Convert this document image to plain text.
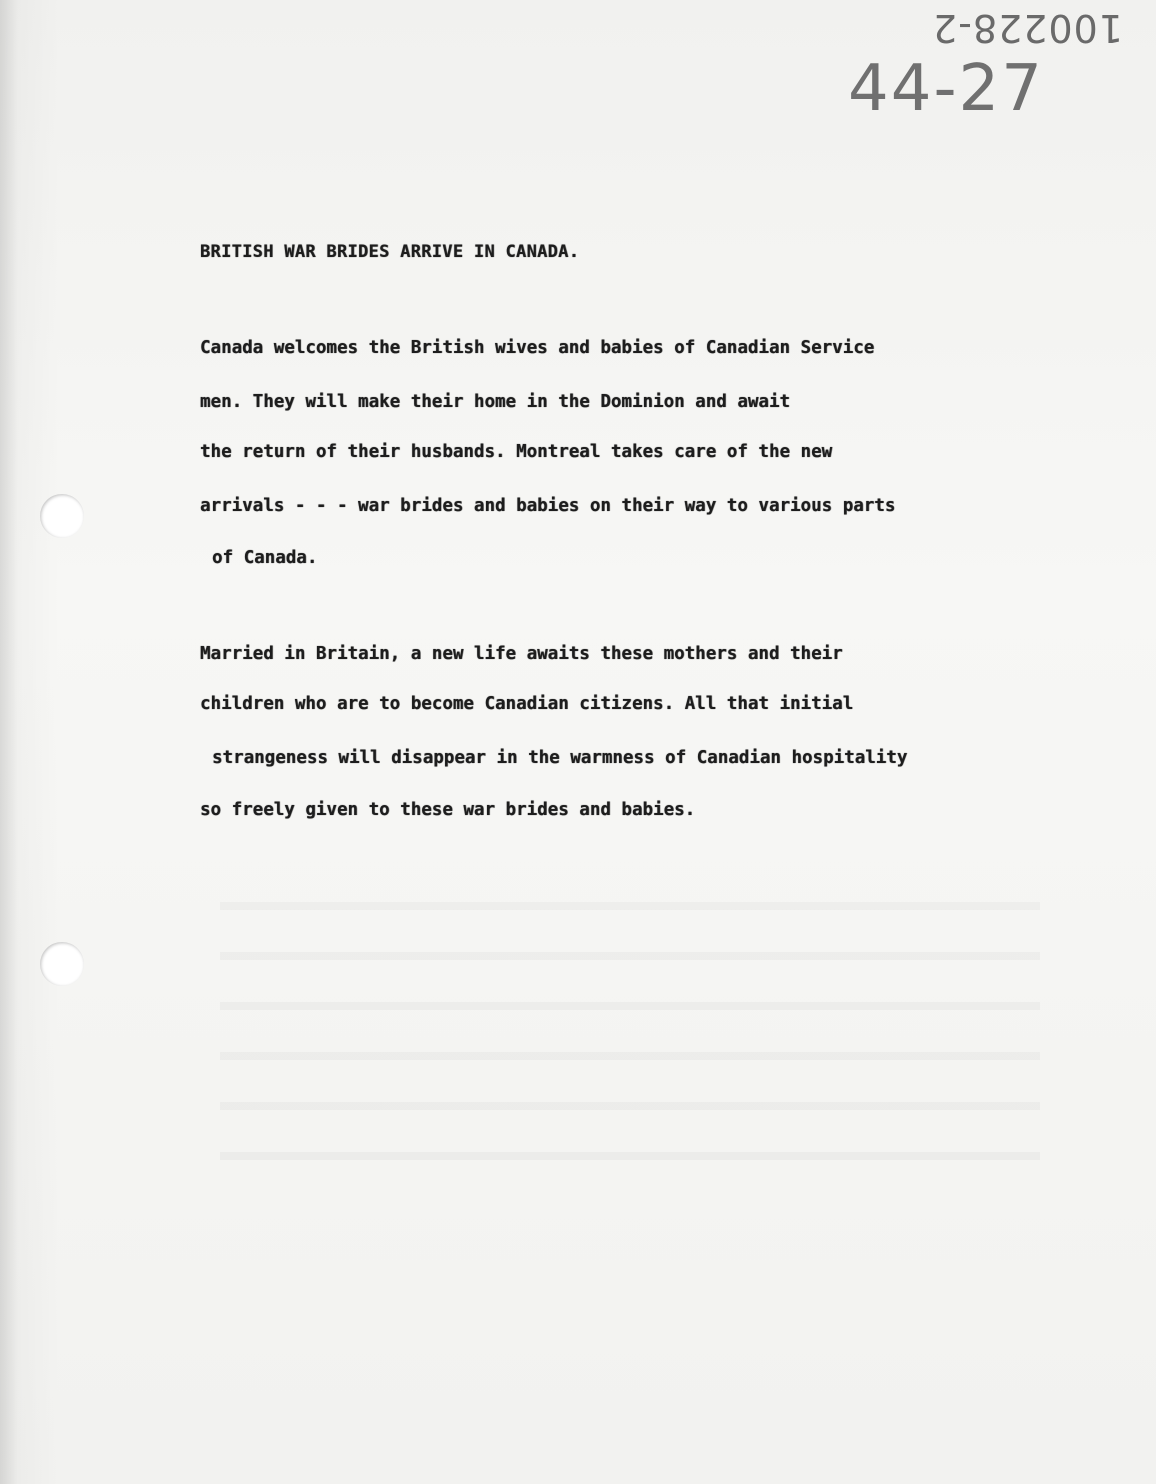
100228-2
44-27
BRITISH WAR BRIDES ARRIVE IN CANADA.
Canada welcomes the British wives and babies of Canadian Service
men. They will make their home in the Dominion and await
the return of their husbands. Montreal takes care of the new
arrivals - - - war brides and babies on their way to various parts
of Canada.
Married in Britain, a new life awaits these mothers and their
children who are to become Canadian citizens. All that initial
strangeness will disappear in the warmness of Canadian hospitality
so freely given to these war brides and babies.
